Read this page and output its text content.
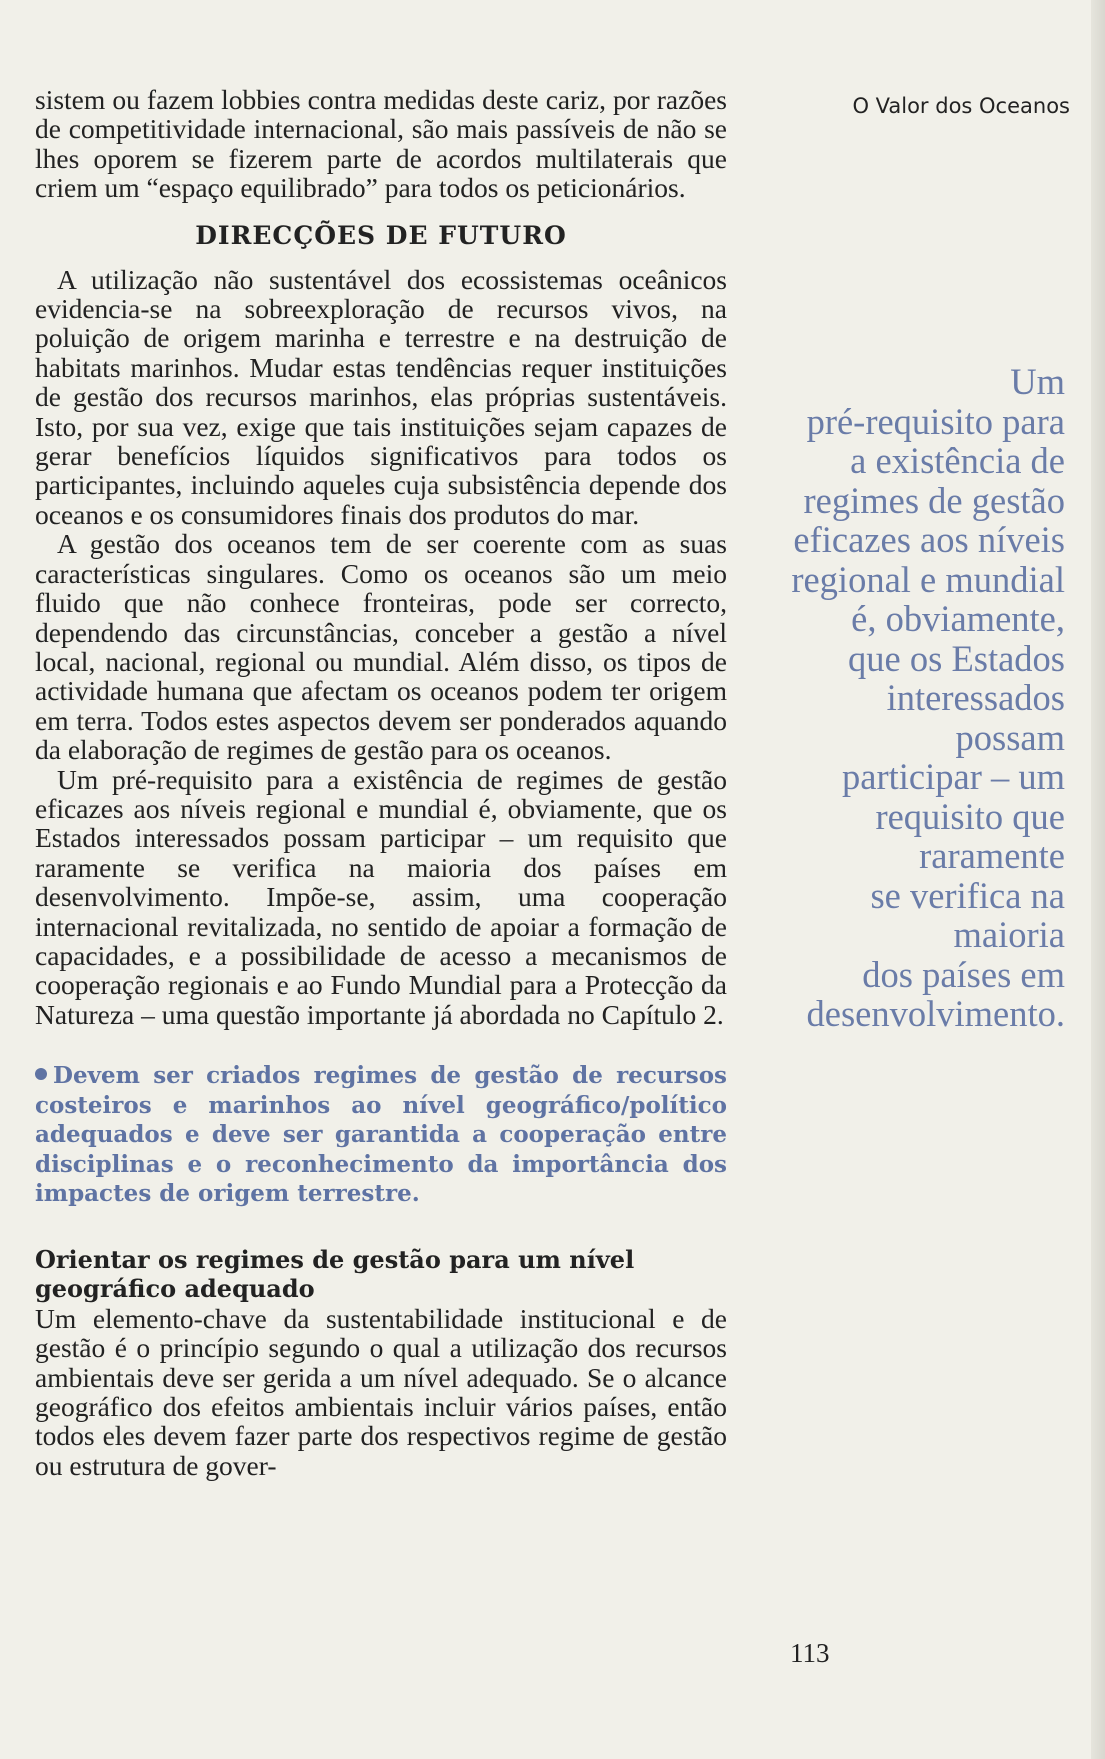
sistem ou fazem lobbies contra medidas deste cariz, por razões de competitividade internacional, são mais passíveis de não se lhes oporem se fizerem parte de acordos multilaterais que criem um “espaço equilibrado” para todos os peticionários.

DIRECÇÕES DE FUTURO

A utilização não sustentável dos ecossistemas oceânicos evidencia-se na sobreexploração de recursos vivos, na poluição de origem marinha e terrestre e na destruição de habitats marinhos. Mudar estas tendências requer instituições de gestão dos recursos marinhos, elas próprias sustentáveis. Isto, por sua vez, exige que tais instituições sejam capazes de gerar benefícios líquidos significativos para todos os participantes, incluindo aqueles cuja subsistência depende dos oceanos e os consumidores finais dos produtos do mar.

A gestão dos oceanos tem de ser coerente com as suas características singulares. Como os oceanos são um meio fluido que não conhece fronteiras, pode ser correcto, dependendo das circunstâncias, conceber a gestão a nível local, nacional, regional ou mundial. Além disso, os tipos de actividade humana que afectam os oceanos podem ter origem em terra. Todos estes aspectos devem ser ponderados aquando da elaboração de regimes de gestão para os oceanos.

Um pré-requisito para a existência de regimes de gestão eficazes aos níveis regional e mundial é, obviamente, que os Estados interessados possam participar – um requisito que raramente se verifica na maioria dos países em desenvolvimento. Impõe-se, assim, uma cooperação internacional revitalizada, no sentido de apoiar a formação de capacidades, e a possibilidade de acesso a mecanismos de cooperação regionais e ao Fundo Mundial para a Protecção da Natureza – uma questão importante já abordada no Capítulo 2.

Devem ser criados regimes de gestão de recursos costeiros e marinhos ao nível geográfico/político adequados e deve ser garantida a cooperação entre disciplinas e o reconhecimento da importância dos impactes de origem terrestre.
Orientar os regimes de gestão para um nível geográfico adequado

Um elemento-chave da sustentabilidade institucional e de gestão é o princípio segundo o qual a utilização dos recursos ambientais deve ser gerida a um nível adequado. Se o alcance geográfico dos efeitos ambientais incluir vários países, então todos eles devem fazer parte dos respectivos regime de gestão ou estrutura de gover-

O Valor dos Oceanos
Um
pré-requisito para
a existência de
regimes de gestão
eficazes aos níveis
regional e mundial
é, obviamente,
que os Estados
interessados
possam
participar – um
requisito que
raramente
se verifica na
maioria
dos países em
desenvolvimento.
113
